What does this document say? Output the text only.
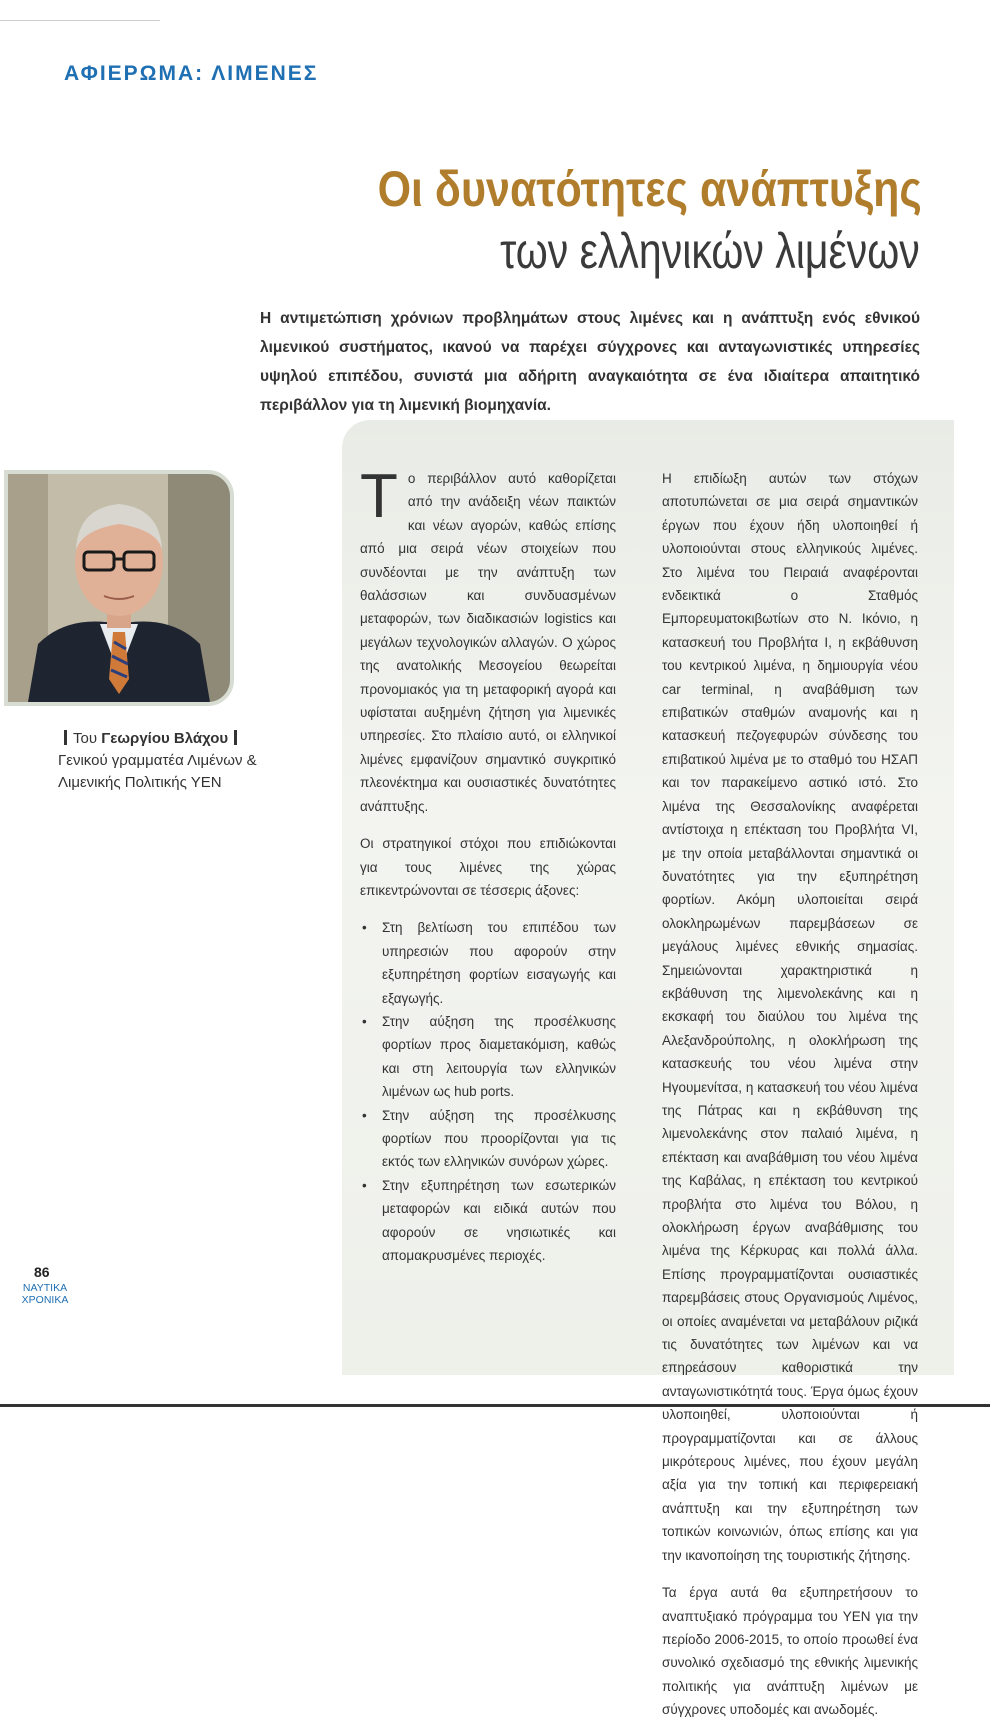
ΑΦΙΕΡΩΜΑ: ΛΙΜΕΝΕΣ
Οι δυνατότητες ανάπτυξης
των ελληνικών λιμένων
Η αντιμετώπιση χρόνιων προβλημάτων στους λιμένες και η ανάπτυξη ενός εθνικού λιμενικού συστήματος, ικανού να παρέχει σύγχρονες και ανταγωνιστικές υπηρεσίες υψηλού επιπέδου, συνιστά μια αδήριτη αναγκαιότητα σε ένα ιδιαίτερα απαιτητικό περιβάλλον για τη λιμενική βιομηχανία.
Του Γεωργίου Βλάχου
Γενικού γραμματέα Λιμένων & Λιμενικής Πολιτικής ΥΕΝ

Το περιβάλλον αυτό καθορίζεται από την ανάδειξη νέων παικτών και νέων αγορών, καθώς επίσης από μια σειρά νέων στοιχείων που συνδέονται με την ανάπτυξη των θαλάσσιων και συνδυασμένων μεταφορών, των διαδικασιών logistics και μεγάλων τεχνολογικών αλλαγών. Ο χώρος της ανατολικής Μεσογείου θεωρείται προνομιακός για τη μεταφορική αγορά και υφίσταται αυξημένη ζήτηση για λιμενικές υπηρεσίες. Στο πλαίσιο αυτό, οι ελληνικοί λιμένες εμφανίζουν σημαντικό συγκριτικό πλεονέκτημα και ουσιαστικές δυνατότητες ανάπτυξης.

Οι στρατηγικοί στόχοι που επιδιώκονται για τους λιμένες της χώρας επικεντρώνονται σε τέσσερις άξονες:

• Στη βελτίωση του επιπέδου των υπηρεσιών που αφορούν στην εξυπηρέτηση φορτίων εισαγωγής και εξαγωγής.
• Στην αύξηση της προσέλκυσης φορτίων προς διαμετακόμιση, καθώς και στη λειτουργία των ελληνικών λιμένων ως hub ports.
• Στην αύξηση της προσέλκυσης φορτίων που προορίζονται για τις εκτός των ελληνικών συνόρων χώρες.
• Στην εξυπηρέτηση των εσωτερικών μεταφορών και ειδικά αυτών που αφορούν σε νησιωτικές και απομακρυσμένες περιοχές.

Η επιδίωξη αυτών των στόχων αποτυπώνεται σε μια σειρά σημαντικών έργων που έχουν ήδη υλοποιηθεί ή υλοποιούνται στους ελληνικούς λιμένες. Στο λιμένα του Πειραιά αναφέρονται ενδεικτικά ο Σταθμός Εμπορευματοκιβωτίων στο Ν. Ικόνιο, η κατασκευή του Προβλήτα Ι, η εκβάθυνση του κεντρικού λιμένα, η δημιουργία νέου car terminal, η αναβάθμιση των επιβατικών σταθμών αναμονής και η κατασκευή πεζογεφυρών σύνδεσης του επιβατικού λιμένα με το σταθμό του ΗΣΑΠ και τον παρακείμενο αστικό ιστό. Στο λιμένα της Θεσσαλονίκης αναφέρεται αντίστοιχα η επέκταση του Προβλήτα VI, με την οποία μεταβάλλονται σημαντικά οι δυνατότητες για την εξυπηρέτηση φορτίων. Ακόμη υλοποιείται σειρά ολοκληρωμένων παρεμβάσεων σε μεγάλους λιμένες εθνικής σημασίας. Σημειώνονται χαρακτηριστικά η εκβάθυνση της λιμενολεκάνης και η εκσκαφή του διαύλου του λιμένα της Αλεξανδρούπολης, η ολοκλήρωση της κατασκευής του νέου λιμένα στην Ηγουμενίτσα, η κατασκευή του νέου λιμένα της Πάτρας και η εκβάθυνση της λιμενολεκάνης στον παλαιό λιμένα, η επέκταση και αναβάθμιση του νέου λιμένα της Καβάλας, η επέκταση του κεντρικού προβλήτα στο λιμένα του Βόλου, η ολοκλήρωση έργων αναβάθμισης του λιμένα της Κέρκυρας και πολλά άλλα. Επίσης προγραμματίζονται ουσιαστικές παρεμβάσεις στους Οργανισμούς Λιμένος, οι οποίες αναμένεται να μεταβάλουν ριζικά τις δυνατότητες των λιμένων και να επηρεάσουν καθοριστικά την ανταγωνιστικότητά τους. Έργα όμως έχουν υλοποιηθεί, υλοποιούνται ή προγραμματίζονται και σε άλλους μικρότερους λιμένες, που έχουν μεγάλη αξία για την τοπική και περιφερειακή ανάπτυξη και την εξυπηρέτηση των τοπικών κοινωνιών, όπως επίσης και για την ικανοποίηση της τουριστικής ζήτησης.

Τα έργα αυτά θα εξυπηρετήσουν το αναπτυξιακό πρόγραμμα του ΥΕΝ για την περίοδο 2006-2015, το οποίο προωθεί ένα συνολικό σχεδιασμό της εθνικής λιμενικής πολιτικής για ανάπτυξη λιμένων με σύγχρονες υποδομές και ανωδομές.

86
ΝΑΥΤΙΚΑ
ΧΡΟΝΙΚΑ
